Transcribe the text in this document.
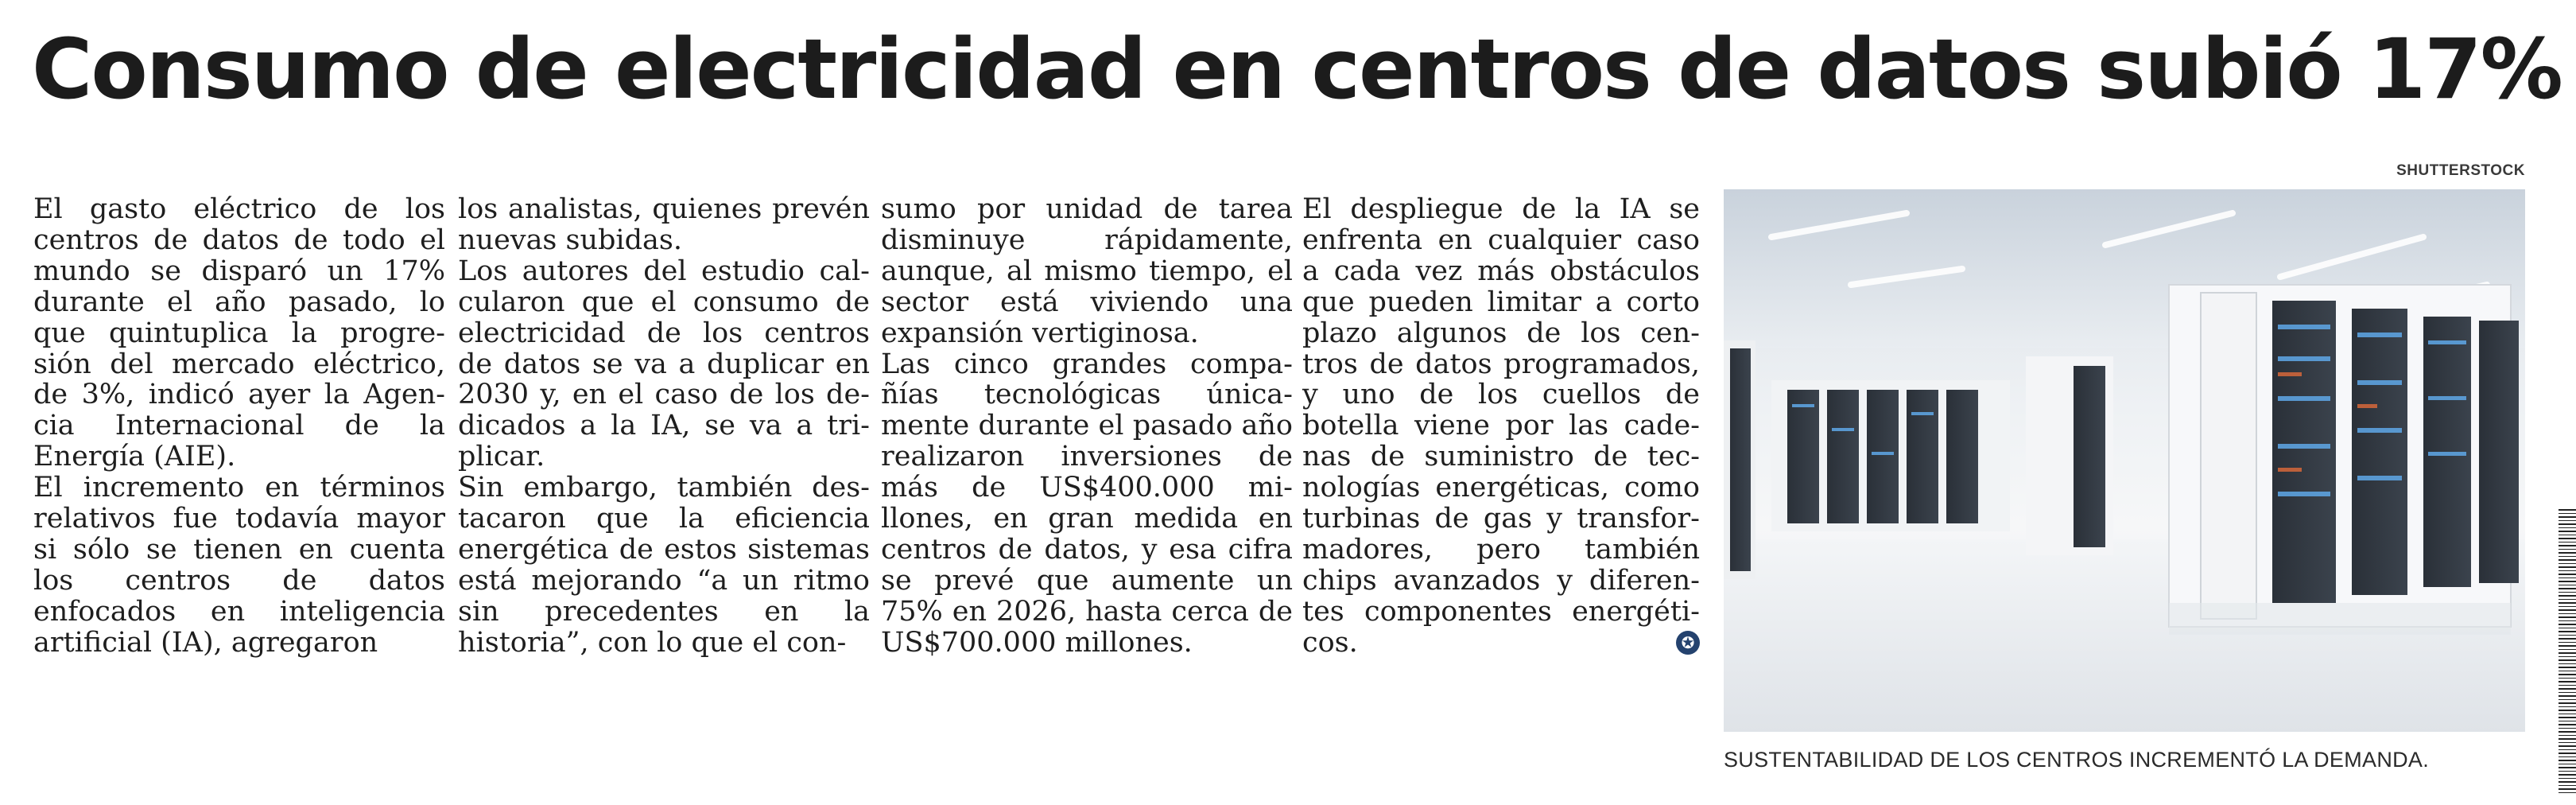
Consumo de electricidad en centros de datos subió 17%
SHUTTERSTOCK

El gasto eléctrico de los centros de datos de todo el mundo se disparó un 17% durante el año pasado, lo que quintuplica la progresión del mercado eléctrico, de 3%, indicó ayer la Agencia Internacional de la Energía (AIE).

El incremento en términos relativos fue todavía mayor si sólo se tienen en cuenta los centros de datos enfocados en inteligencia artificial (IA), agregaron

los analistas, quienes prevén nuevas subidas.

Los autores del estudio calcularon que el consumo de electricidad de los centros de datos se va a duplicar en 2030 y, en el caso de los dedicados a la IA, se va a triplicar.

Sin embargo, también destacaron que la eficiencia energética de estos sistemas está mejorando “a un ritmo sin precedentes en la historia”, con lo que el con-

sumo por unidad de tarea disminuye rápidamente, aunque, al mismo tiempo, el sector está viviendo una expansión vertiginosa.

Las cinco grandes compañías tecnológicas únicamente durante el pasado año realizaron inversiones de más de US$400.000 millones, en gran medida en centros de datos, y esa cifra se prevé que aumente un 75% en 2026, hasta cerca de US$700.000 millones.

El despliegue de la IA se enfrenta en cualquier caso a cada vez más obstáculos que pueden limitar a corto plazo algunos de los centros de datos programados, y uno de los cuellos de botella viene por las cadenas de suministro de tecnologías energéticas, como turbinas de gas y transformadores, pero también chips avanzados y diferentes componentes energéticos.	✪

SUSTENTABILIDAD DE LOS CENTROS INCREMENTÓ LA DEMANDA.
